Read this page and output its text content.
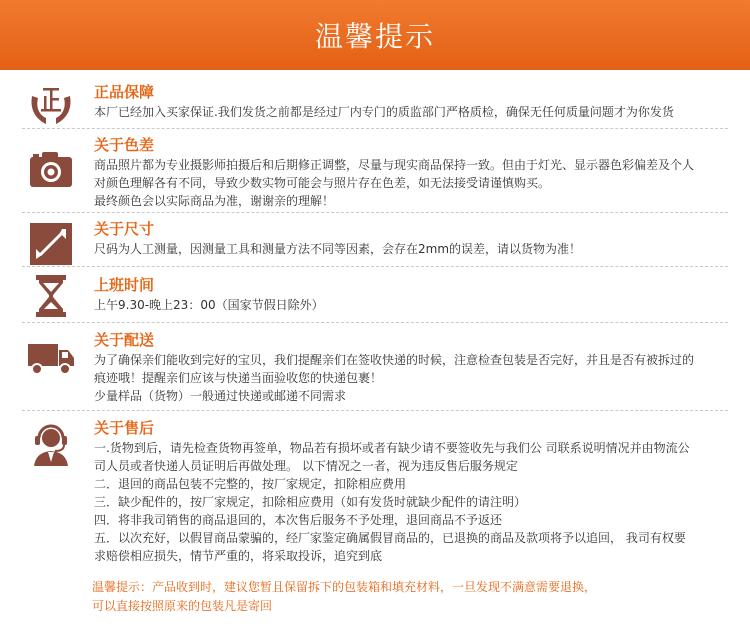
温馨提示
正品保障

本厂已经加入买家保证.我们发货之前都是经过厂内专门的质监部门严格质检，确保无任何质量问题才为你发货

关于色差

商品照片都为专业摄影师拍摄后和后期修正调整，尽量与现实商品保持一致。但由于灯光、显示器色彩偏差及个人

对颜色理解各有不同，导致少数实物可能会与照片存在色差，如无法接受请谨慎购买。

最终颜色会以实际商品为准，谢谢亲的理解！

关于尺寸

尺码为人工测量，因测量工具和测量方法不同等因素，会存在2mm的误差，请以货物为准！

上班时间

上午9.30-晚上23：00（国家节假日除外）

关于配送

为了确保亲们能收到完好的宝贝，我们提醒亲们在签收快递的时候，注意检查包装是否完好，并且是否有被拆过的

痕迹哦！提醒亲们应该与快递当面验收您的快递包裹！

少量样品（货物）一般通过快递或邮递不同需求

关于售后

一.货物到后，请先检查货物再签单，物品若有损坏或者有缺少请不要签收先与我们公 司联系说明情况并由物流公

司人员或者快递人员证明后再做处理。 以下情况之一者，视为违反售后服务规定

二．退回的商品包装不完整的，按厂家规定，扣除相应费用

三．缺少配件的，按厂家规定，扣除相应费用（如有发货时就缺少配件的请注明）

四．将非我司销售的商品退回的，本次售后服务不予处理，退回商品不予返还

五．以次充好，以假冒商品蒙骗的，经厂家鉴定确属假冒商品的，已退换的商品及款项将予以追回， 我司有权要

求赔偿相应损失，情节严重的，将采取投诉，追究到底

温馨提示：产品收到时，建议您暂且保留拆下的包装箱和填充材料，一旦发现不满意需要退换，

可以直接按照原来的包装凡是寄回
